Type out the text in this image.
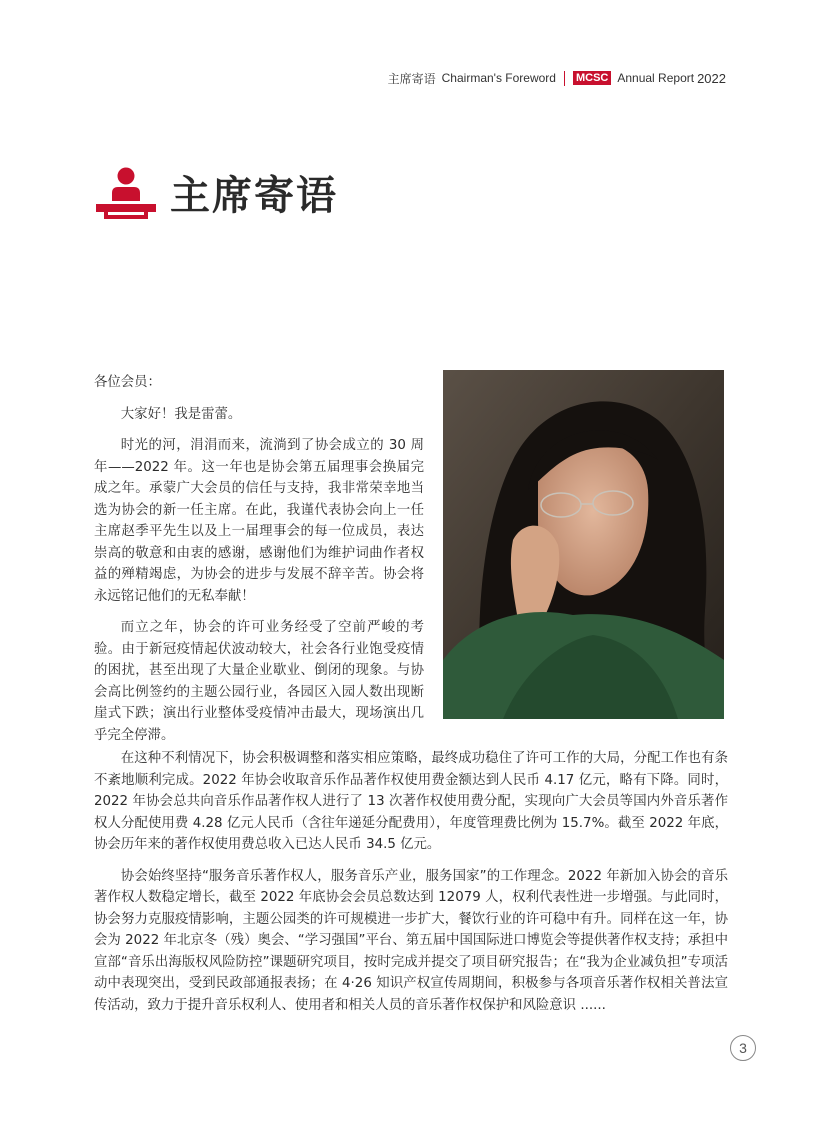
主席寄语 Chairman's Foreword MCSC Annual Report 2022
主席寄语

各位会员：

大家好！我是雷蕾。

时光的河，涓涓而来，流淌到了协会成立的 30 周年——2022 年。这一年也是协会第五届理事会换届完成之年。承蒙广大会员的信任与支持，我非常荣幸地当选为协会的新一任主席。在此，我谨代表协会向上一任主席赵季平先生以及上一届理事会的每一位成员，表达崇高的敬意和由衷的感谢，感谢他们为维护词曲作者权益的殚精竭虑，为协会的进步与发展不辞辛苦。协会将永远铭记他们的无私奉献！

而立之年，协会的许可业务经受了空前严峻的考验。由于新冠疫情起伏波动较大，社会各行业饱受疫情的困扰，甚至出现了大量企业歇业、倒闭的现象。与协会高比例签约的主题公园行业，各园区入园人数出现断崖式下跌；演出行业整体受疫情冲击最大，现场演出几乎完全停滞。

在这种不利情况下，协会积极调整和落实相应策略，最终成功稳住了许可工作的大局，分配工作也有条不紊地顺利完成。2022 年协会收取音乐作品著作权使用费金额达到人民币 4.17 亿元，略有下降。同时，2022 年协会总共向音乐作品著作权人进行了 13 次著作权使用费分配，实现向广大会员等国内外音乐著作权人分配使用费 4.28 亿元人民币（含往年递延分配费用），年度管理费比例为 15.7%。截至 2022 年底，协会历年来的著作权使用费总收入已达人民币 34.5 亿元。

协会始终坚持“服务音乐著作权人，服务音乐产业，服务国家”的工作理念。2022 年新加入协会的音乐著作权人数稳定增长，截至 2022 年底协会会员总数达到 12079 人，权利代表性进一步增强。与此同时，协会努力克服疫情影响，主题公园类的许可规模进一步扩大，餐饮行业的许可稳中有升。同样在这一年，协会为 2022 年北京冬（残）奥会、“学习强国”平台、第五届中国国际进口博览会等提供著作权支持；承担中宣部“音乐出海版权风险防控”课题研究项目，按时完成并提交了项目研究报告；在“我为企业减负担”专项活动中表现突出，受到民政部通报表扬；在 4·26 知识产权宣传周期间，积极参与各项音乐著作权相关普法宣传活动，致力于提升音乐权利人、使用者和相关人员的音乐著作权保护和风险意识 ......

3
